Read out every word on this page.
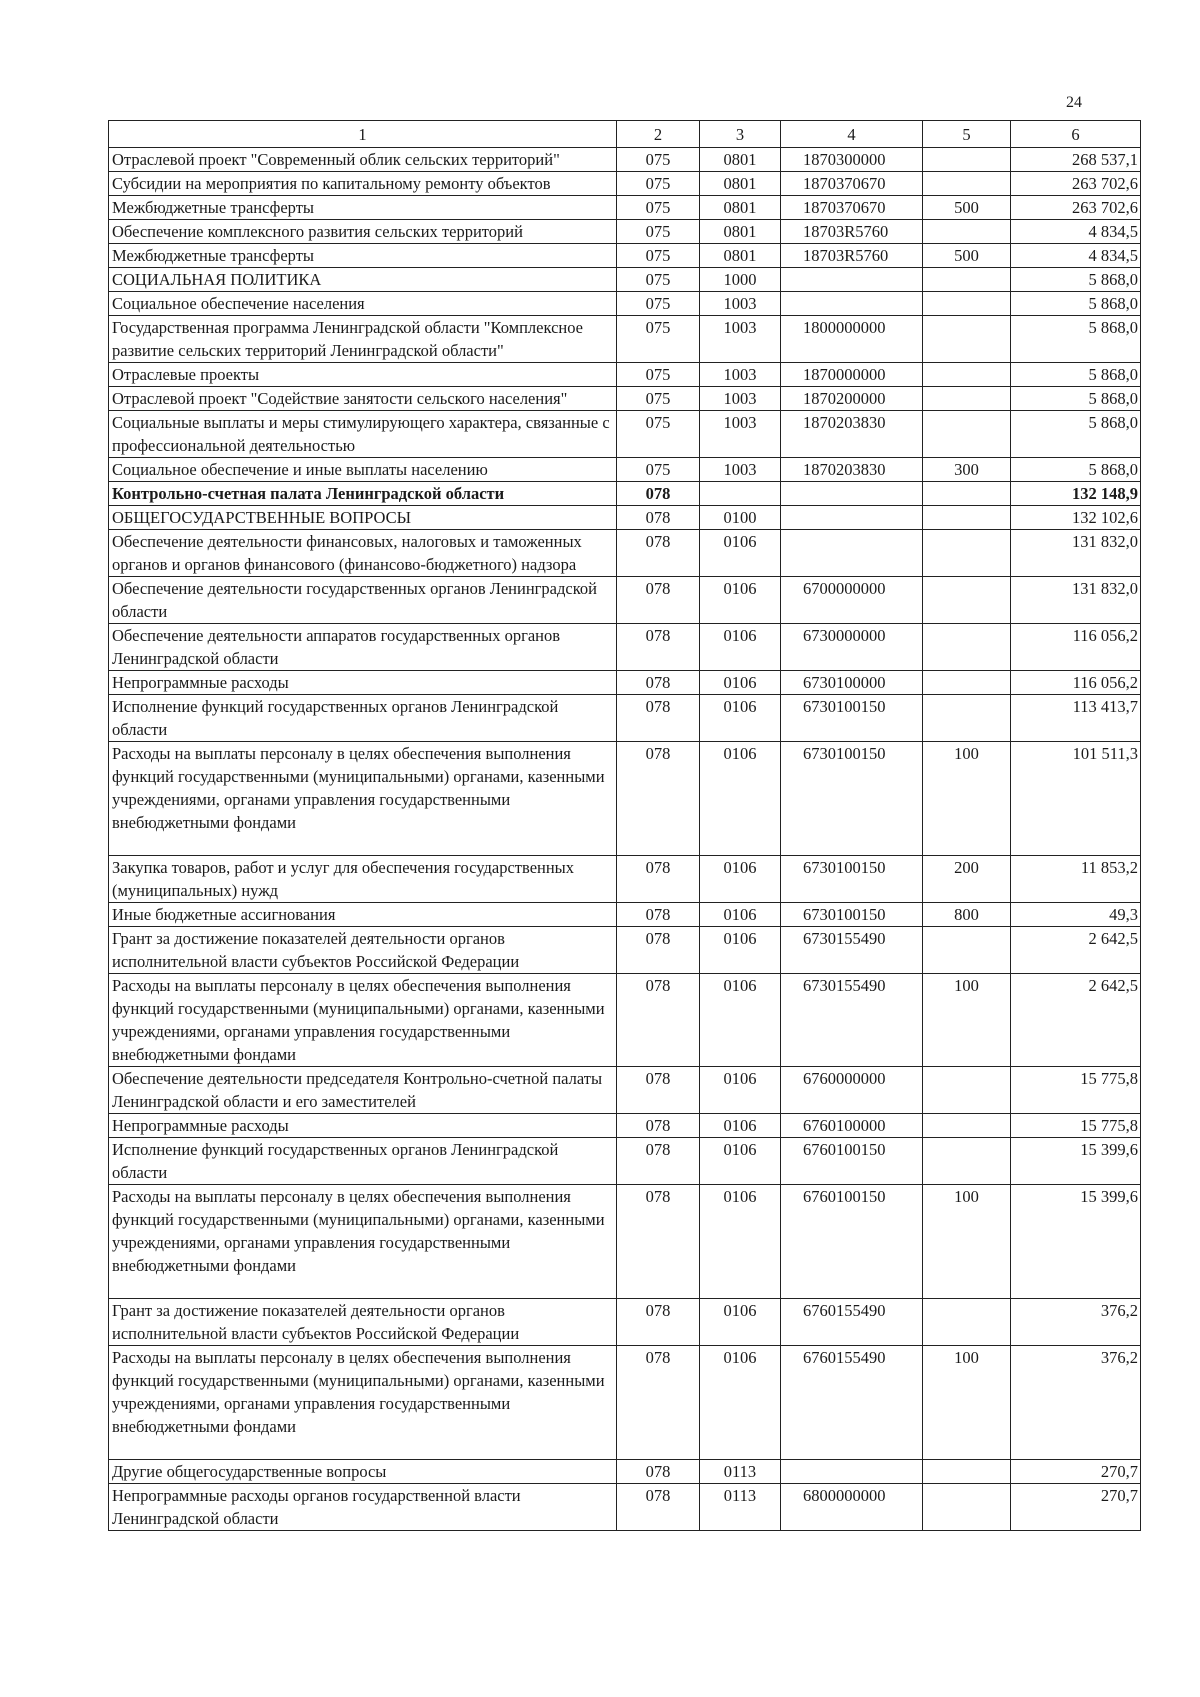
24
1	2	3	4	5	6
Отраслевой проект "Современный облик сельских территорий"	075	0801	1870300000		268 537,1
Субсидии на мероприятия по капитальному ремонту объектов	075	0801	1870370670		263 702,6
Межбюджетные трансферты	075	0801	1870370670	500	263 702,6
Обеспечение комплексного развития сельских территорий	075	0801	18703R5760		4 834,5
Межбюджетные трансферты	075	0801	18703R5760	500	4 834,5
СОЦИАЛЬНАЯ ПОЛИТИКА	075	1000			5 868,0
Социальное обеспечение населения	075	1003			5 868,0
Государственная программа Ленинградской области "Комплексное развитие сельских территорий Ленинградской области"	075	1003	1800000000		5 868,0
Отраслевые проекты	075	1003	1870000000		5 868,0
Отраслевой проект "Содействие занятости сельского населения"	075	1003	1870200000		5 868,0
Социальные выплаты и меры стимулирующего характера, связанные с профессиональной деятельностью	075	1003	1870203830		5 868,0
Социальное обеспечение и иные выплаты населению	075	1003	1870203830	300	5 868,0
Контрольно-счетная палата Ленинградской области	078				132 148,9
ОБЩЕГОСУДАРСТВЕННЫЕ ВОПРОСЫ	078	0100			132 102,6
Обеспечение деятельности финансовых, налоговых и таможенных органов и органов финансового (финансово-бюджетного) надзора	078	0106			131 832,0
Обеспечение деятельности государственных органов Ленинградской области	078	0106	6700000000		131 832,0
Обеспечение деятельности аппаратов государственных органов Ленинградской области	078	0106	6730000000		116 056,2
Непрограммные расходы	078	0106	6730100000		116 056,2
Исполнение функций государственных органов Ленинградской области	078	0106	6730100150		113 413,7
Расходы на выплаты персоналу в целях обеспечения выполнения функций государственными (муниципальными) органами, казенными учреждениями, органами управления государственными внебюджетными фондами	078	0106	6730100150	100	101 511,3
Закупка товаров, работ и услуг для обеспечения государственных (муниципальных) нужд	078	0106	6730100150	200	11 853,2
Иные бюджетные ассигнования	078	0106	6730100150	800	49,3
Грант за достижение показателей деятельности органов исполнительной власти субъектов Российской Федерации	078	0106	6730155490		2 642,5
Расходы на выплаты персоналу в целях обеспечения выполнения функций государственными (муниципальными) органами, казенными учреждениями, органами управления государственными внебюджетными фондами	078	0106	6730155490	100	2 642,5
Обеспечение деятельности председателя Контрольно-счетной палаты Ленинградской области и его заместителей	078	0106	6760000000		15 775,8
Непрограммные расходы	078	0106	6760100000		15 775,8
Исполнение функций государственных органов Ленинградской области	078	0106	6760100150		15 399,6
Расходы на выплаты персоналу в целях обеспечения выполнения функций государственными (муниципальными) органами, казенными учреждениями, органами управления государственными внебюджетными фондами	078	0106	6760100150	100	15 399,6
Грант за достижение показателей деятельности органов исполнительной власти субъектов Российской Федерации	078	0106	6760155490		376,2
Расходы на выплаты персоналу в целях обеспечения выполнения функций государственными (муниципальными) органами, казенными учреждениями, органами управления государственными внебюджетными фондами	078	0106	6760155490	100	376,2
Другие общегосударственные вопросы	078	0113			270,7
Непрограммные расходы органов государственной власти Ленинградской области	078	0113	6800000000		270,7
